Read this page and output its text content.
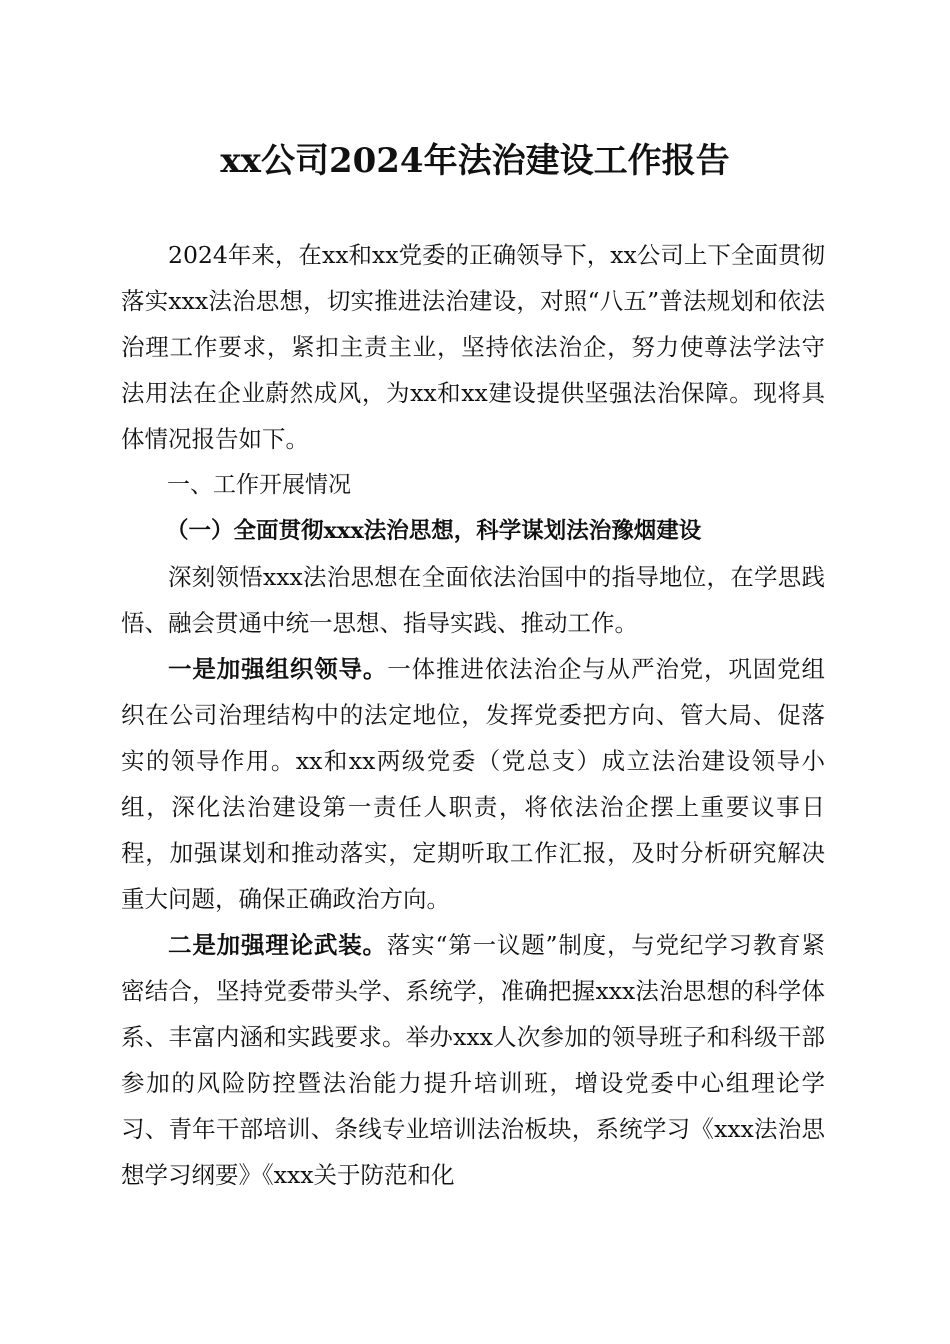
xx公司2024年法治建设工作报告

2024年来，在xx和xx党委的正确领导下，xx公司上下全面贯彻落实xxx法治思想，切实推进法治建设，对照“八五”普法规划和依法治理工作要求，紧扣主责主业，坚持依法治企，努力使尊法学法守法用法在企业蔚然成风，为xx和xx建设提供坚强法治保障。现将具体情况报告如下。

一、工作开展情况

（一）全面贯彻xxx法治思想，科学谋划法治豫烟建设

深刻领悟xxx法治思想在全面依法治国中的指导地位，在学思践悟、融会贯通中统一思想、指导实践、推动工作。

一是加强组织领导。一体推进依法治企与从严治党，巩固党组织在公司治理结构中的法定地位，发挥党委把方向、管大局、促落实的领导作用。xx和xx两级党委（党总支）成立法治建设领导小组，深化法治建设第一责任人职责，将依法治企摆上重要议事日程，加强谋划和推动落实，定期听取工作汇报，及时分析研究解决重大问题，确保正确政治方向。

二是加强理论武装。落实“第一议题”制度，与党纪学习教育紧密结合，坚持党委带头学、系统学，准确把握xxx法治思想的科学体系、丰富内涵和实践要求。举办xxx人次参加的领导班子和科级干部参加的风险防控暨法治能力提升培训班，增设党委中心组理论学习、青年干部培训、条线专业培训法治板块，系统学习《xxx法治思想学习纲要》《xxx关于防范和化
